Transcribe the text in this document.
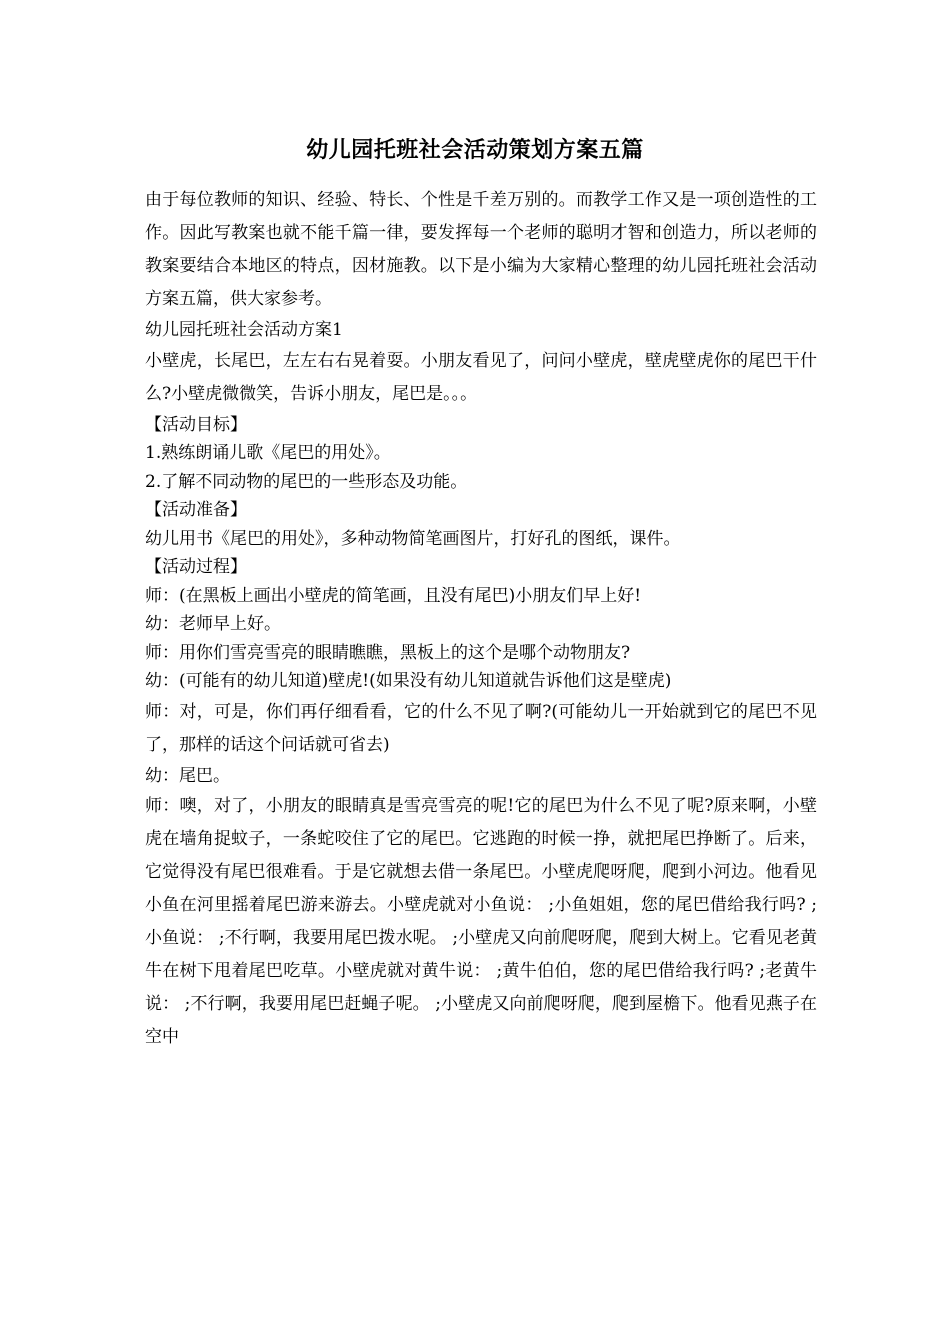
幼儿园托班社会活动策划方案五篇

由于每位教师的知识、经验、特长、个性是千差万别的。而教学工作又是一项创造性的工作。因此写教案也就不能千篇一律，要发挥每一个老师的聪明才智和创造力，所以老师的教案要结合本地区的特点，因材施教。以下是小编为大家精心整理的幼儿园托班社会活动方案五篇，供大家参考。

幼儿园托班社会活动方案1

小壁虎，长尾巴，左左右右晃着耍。小朋友看见了，问问小壁虎，壁虎壁虎你的尾巴干什么?小壁虎微微笑，告诉小朋友，尾巴是。。。

【活动目标】

1.熟练朗诵儿歌《尾巴的用处》。

2.了解不同动物的尾巴的一些形态及功能。

【活动准备】

幼儿用书《尾巴的用处》，多种动物简笔画图片，打好孔的图纸，课件。

【活动过程】

师：(在黑板上画出小壁虎的简笔画，且没有尾巴)小朋友们早上好!

幼：老师早上好。

师：用你们雪亮雪亮的眼睛瞧瞧，黑板上的这个是哪个动物朋友?

幼：(可能有的幼儿知道)壁虎!(如果没有幼儿知道就告诉他们这是壁虎)

师：对，可是，你们再仔细看看，它的什么不见了啊?(可能幼儿一开始就到它的尾巴不见了，那样的话这个问话就可省去)

幼：尾巴。

师：噢，对了，小朋友的眼睛真是雪亮雪亮的呢!它的尾巴为什么不见了呢?原来啊，小壁虎在墙角捉蚊子，一条蛇咬住了它的尾巴。它逃跑的时候一挣，就把尾巴挣断了。后来，它觉得没有尾巴很难看。于是它就想去借一条尾巴。小壁虎爬呀爬，爬到小河边。他看见小鱼在河里摇着尾巴游来游去。小壁虎就对小鱼说： ;小鱼姐姐，您的尾巴借给我行吗? ;小鱼说： ;不行啊，我要用尾巴拨水呢。 ;小壁虎又向前爬呀爬，爬到大树上。它看见老黄牛在树下甩着尾巴吃草。小壁虎就对黄牛说： ;黄牛伯伯，您的尾巴借给我行吗? ;老黄牛说： ;不行啊，我要用尾巴赶蝇子呢。 ;小壁虎又向前爬呀爬，爬到屋檐下。他看见燕子在空中
